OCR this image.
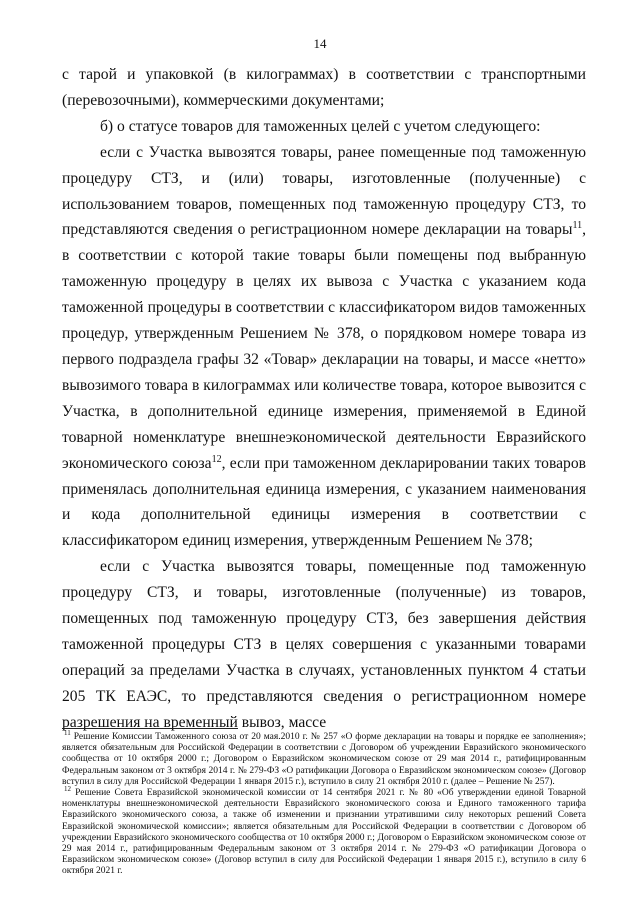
14

с тарой и упаковкой (в килограммах) в соответствии с транспортными (перевозочными), коммерческими документами;

б) о статусе товаров для таможенных целей с учетом следующего:

если с Участка вывозятся товары, ранее помещенные под таможенную процедуру СТЗ, и (или) товары, изготовленные (полученные) с использованием товаров, помещенных под таможенную процедуру СТЗ, то представляются сведения о регистрационном номере декларации на товары$^{11}$, в соответствии с которой такие товары были помещены под выбранную таможенную процедуру в целях их вывоза с Участка с указанием кода таможенной процедуры в соответствии с классификатором видов таможенных процедур, утвержденным Решением № 378, о порядковом номере товара из первого подраздела графы 32 «Товар» декларации на товары, и массе «нетто» вывозимого товара в килограммах или количестве товара, которое вывозится с Участка, в дополнительной единице измерения, применяемой в Единой товарной номенклатуре внешнеэкономической деятельности Евразийского экономического союза$^{12}$, если при таможенном декларировании таких товаров применялась дополнительная единица измерения, с указанием наименования и кода дополнительной единицы измерения в соответствии с классификатором единиц измерения, утвержденным Решением № 378;

если с Участка вывозятся товары, помещенные под таможенную процедуру СТЗ, и товары, изготовленные (полученные) из товаров, помещенных под таможенную процедуру СТЗ, без завершения действия таможенной процедуры СТЗ в целях совершения с указанными товарами операций за пределами Участка в случаях, установленных пунктом 4 статьи 205 ТК ЕАЭС, то представляются сведения о регистрационном номере разрешения на временный вывоз, массе

$^{11}$ Решение Комиссии Таможенного союза от 20 мая.2010 г. № 257 «О форме декларации на товары и порядке ее заполнения»; является обязательным для Российской Федерации в соответствии с Договором об учреждении Евразийского экономического сообщества от 10 октября 2000 г.; Договором о Евразийском экономическом союзе от 29 мая 2014 г., ратифицированным Федеральным законом от 3 октября 2014 г. № 279-ФЗ «О ратификации Договора о Евразийском экономическом союзе» (Договор вступил в силу для Российской Федерации 1 января 2015 г.), вступило в силу 21 октября 2010 г. (далее – Решение № 257).

$^{12}$ Решение Совета Евразийской экономической комиссии от 14 сентября 2021 г. № 80 «Об утверждении единой Товарной номенклатуры внешнеэкономической деятельности Евразийского экономического союза и Единого таможенного тарифа Евразийского экономического союза, а также об изменении и признании утратившими силу некоторых решений Совета Евразийской экономической комиссии»; является обязательным для Российской Федерации в соответствии с Договором об учреждении Евразийского экономического сообщества от 10 октября 2000 г.; Договором о Евразийском экономическом союзе от 29 мая 2014 г., ратифицированным Федеральным законом от 3 октября 2014 г. № 279-ФЗ «О ратификации Договора о Евразийском экономическом союзе» (Договор вступил в силу для Российской Федерации 1 января 2015 г.), вступило в силу 6 октября 2021 г.
